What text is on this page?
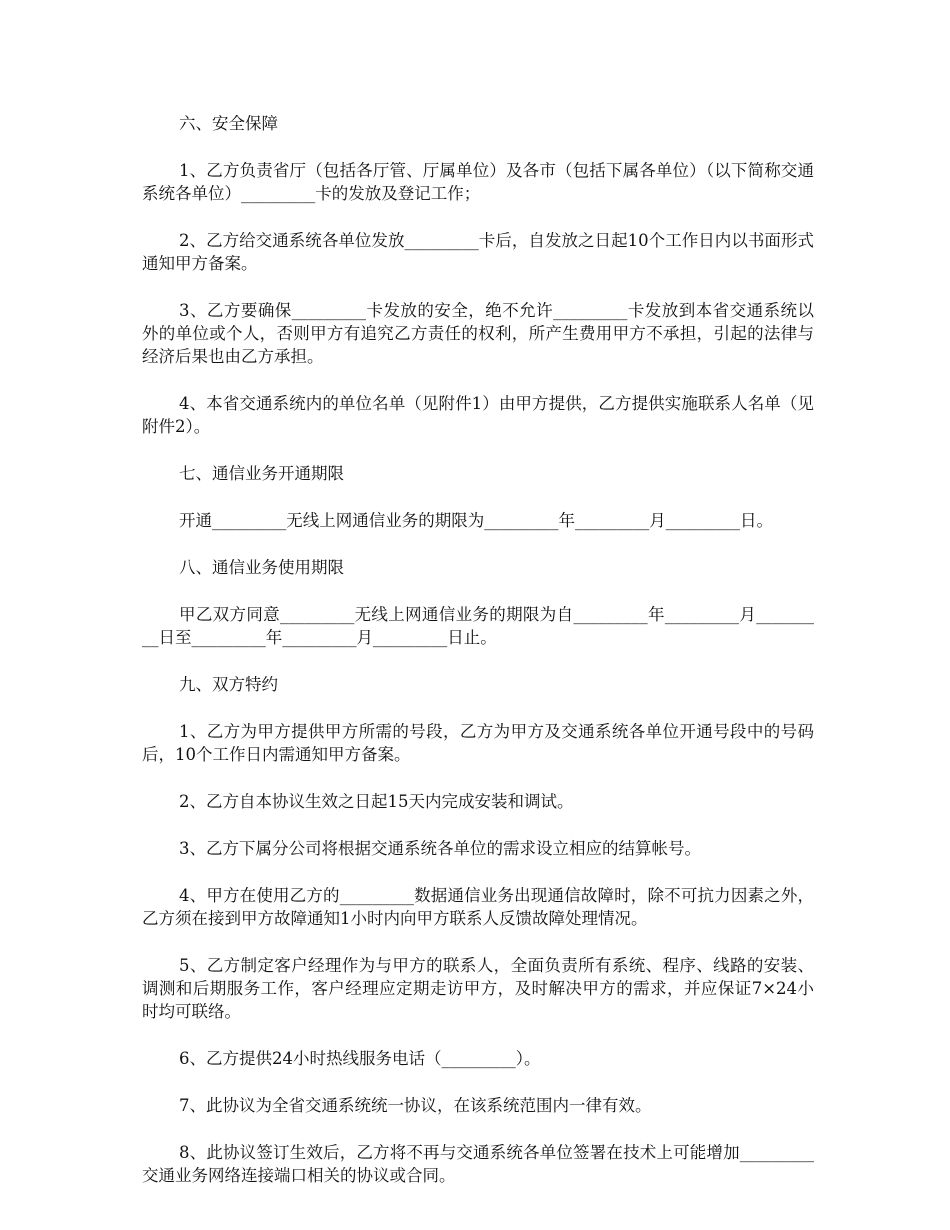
六、安全保障

1、乙方负责省厅（包括各厅管、厅属单位）及各市（包括下属各单位）（以下简称交通系统各单位）_________卡的发放及登记工作；

2、乙方给交通系统各单位发放_________卡后，自发放之日起10个工作日内以书面形式通知甲方备案。

3、乙方要确保_________卡发放的安全，绝不允许_________卡发放到本省交通系统以外的单位或个人，否则甲方有追究乙方责任的权利，所产生费用甲方不承担，引起的法律与经济后果也由乙方承担。

4、本省交通系统内的单位名单（见附件1）由甲方提供，乙方提供实施联系人名单（见附件2）。

七、通信业务开通期限

开通_________无线上网通信业务的期限为_________年_________月_________日。

八、通信业务使用期限

甲乙双方同意_________无线上网通信业务的期限为自_________年_________月_________日至_________年_________月_________日止。

九、双方特约

1、乙方为甲方提供甲方所需的号段，乙方为甲方及交通系统各单位开通号段中的号码后，10个工作日内需通知甲方备案。

2、乙方自本协议生效之日起15天内完成安装和调试。

3、乙方下属分公司将根据交通系统各单位的需求设立相应的结算帐号。

4、甲方在使用乙方的_________数据通信业务出现通信故障时，除不可抗力因素之外，乙方须在接到甲方故障通知1小时内向甲方联系人反馈故障处理情况。

5、乙方制定客户经理作为与甲方的联系人，全面负责所有系统、程序、线路的安装、调测和后期服务工作，客户经理应定期走访甲方，及时解决甲方的需求，并应保证7×24小时均可联络。

6、乙方提供24小时热线服务电话（_________）。

7、此协议为全省交通系统统一协议，在该系统范围内一律有效。

8、此协议签订生效后，乙方将不再与交通系统各单位签署在技术上可能增加_________交通业务网络连接端口相关的协议或合同。
